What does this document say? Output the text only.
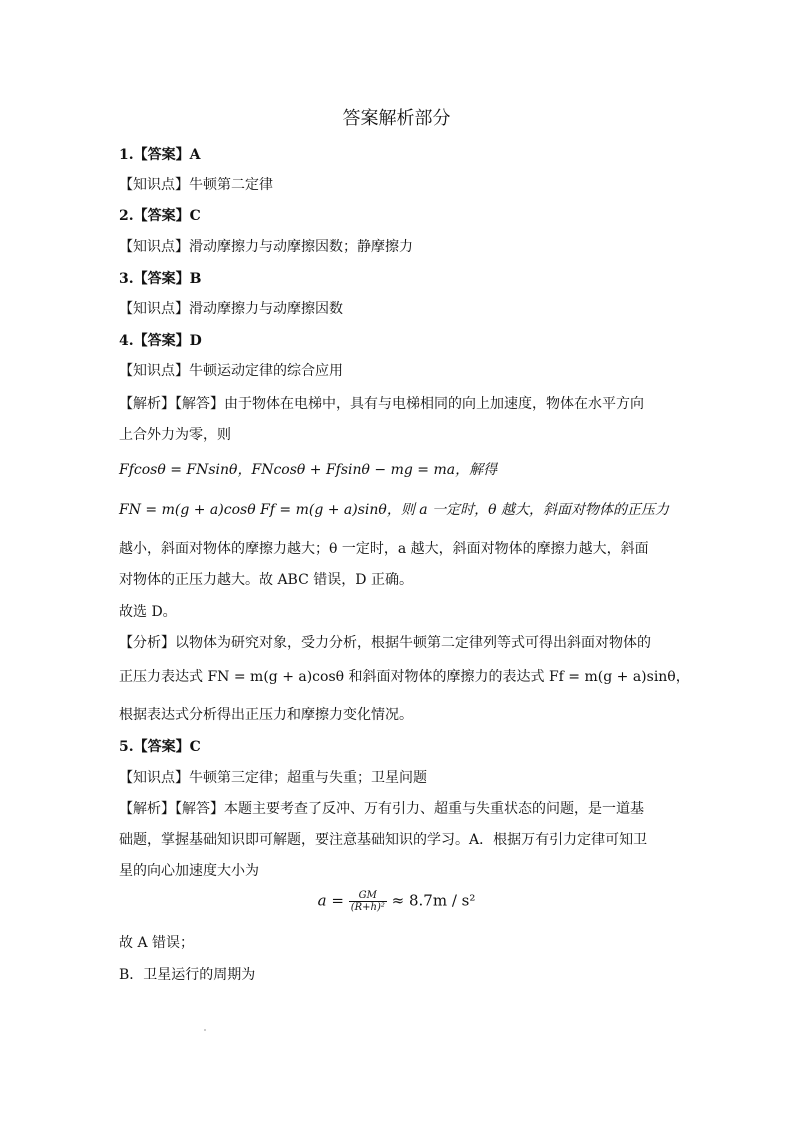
答案解析部分
1.【答案】A
【知识点】牛顿第二定律
2.【答案】C
【知识点】滑动摩擦力与动摩擦因数；静摩擦力
3.【答案】B
【知识点】滑动摩擦力与动摩擦因数
4.【答案】D
【知识点】牛顿运动定律的综合应用
【解析】【解答】由于物体在电梯中，具有与电梯相同的向上加速度，物体在水平方向
上合外力为零，则
Ffcosθ = FNsinθ，FNcosθ + Ffsinθ − mg = ma，解得
FN = m(g + a)cosθ Ff = m(g + a)sinθ，则 a 一定时，θ 越大，斜面对物体的正压力
越小，斜面对物体的摩擦力越大；θ 一定时，a 越大，斜面对物体的摩擦力越大，斜面
对物体的正压力越大。故 ABC 错误，D 正确。
故选 D。
【分析】以物体为研究对象，受力分析，根据牛顿第二定律列等式可得出斜面对物体的
正压力表达式 FN = m(g + a)cosθ 和斜面对物体的摩擦力的表达式 Ff = m(g + a)sinθ，
根据表达式分析得出正压力和摩擦力变化情况。
5.【答案】C
【知识点】牛顿第三定律；超重与失重；卫星问题
【解析】【解答】本题主要考查了反冲、万有引力、超重与失重状态的问题，是一道基
础题，掌握基础知识即可解题，要注意基础知识的学习。A．根据万有引力定律可知卫
星的向心加速度大小为
$a = \frac{GM}{\text{(R+h)²}} \approx 8.7m / s^2$
故 A 错误；
B．卫星运行的周期为
